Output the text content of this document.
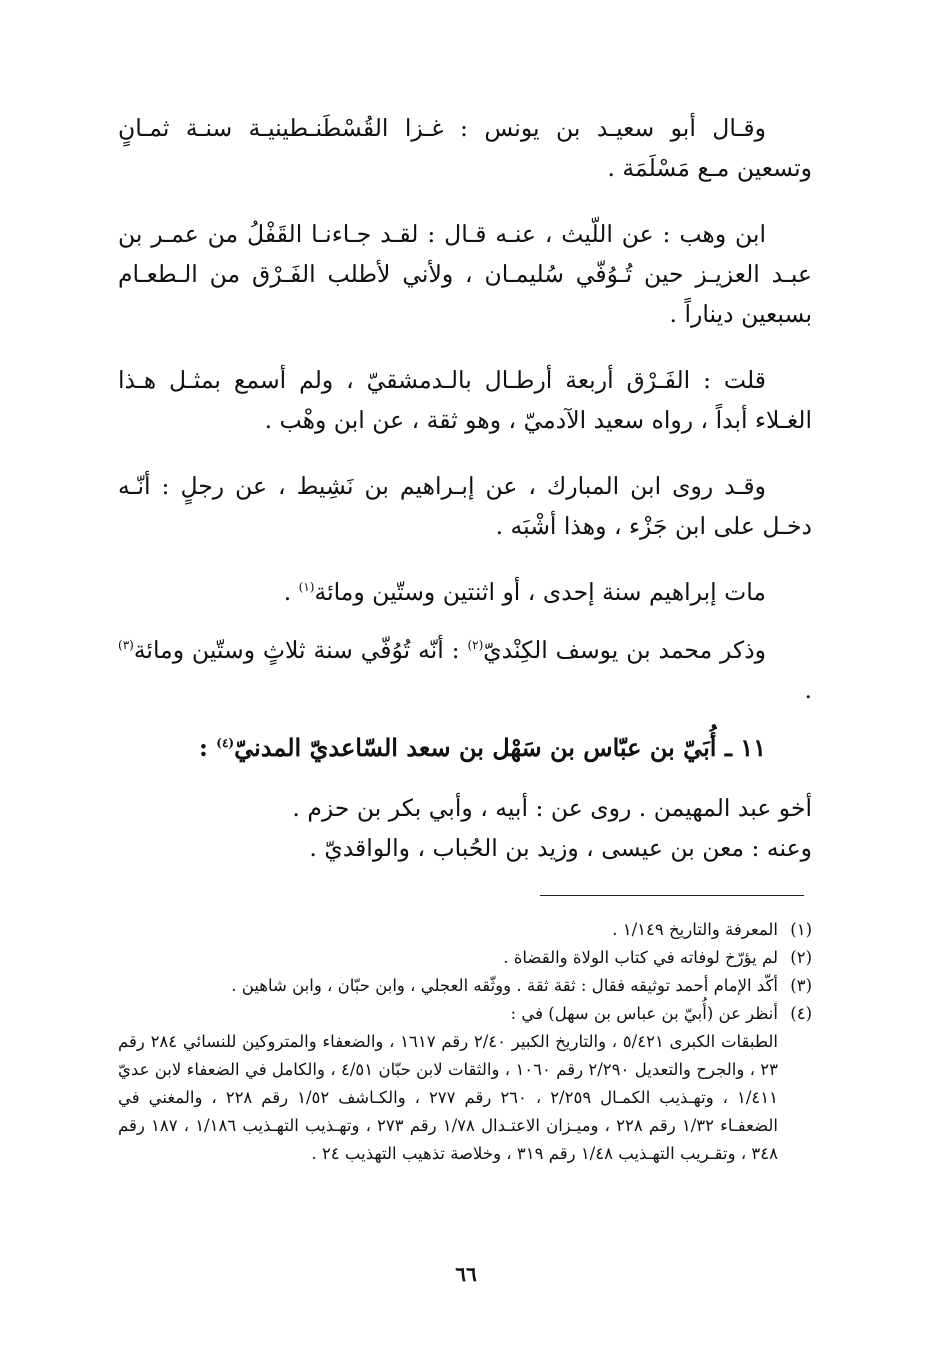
وقـال أبو سعيـد بن يونس : غـزا القُسْطَنـطينيـة سنـة ثمـانٍ وتسعين مـع مَسْلَمَة .

ابن وهب : عن اللّيث ، عنـه قـال : لقـد جـاءنـا القَفْلُ من عمـر بن عبـد العزيـز حين تُـوُفّي سُليمـان ، ولأني لأطلب الفَـرْق من الـطعـام بسبعين ديناراً .

قلت : الفَـرْق أربعة أرطـال بالـدمشقيّ ، ولم أسمع بمثـل هـذا الغـلاء أبداً ، رواه سعيد الآدميّ ، وهو ثقة ، عن ابن وهْب .

وقـد روى ابن المبارك ، عن إبـراهيم بن نَشِيط ، عن رجلٍ : أنّـه دخـل على ابن جَزْء ، وهذا أشْبَه .

مات إبراهيم سنة إحدى ، أو اثنتين وستّين ومائة$^{(١)}$ .

وذكر محمد بن يوسف الكِنْديّ$^{(٢)}$ : أنّه تُوُفّي سنة ثلاثٍ وستّين ومائة$^{(٣)}$ .

١١ ـ أُبَيّ بن عبّاس بن سَهْل بن سعد السّاعديّ المدنيّ$^{(٤)}$ :

أخو عبد المهيمن . روى عن : أبيه ، وأبي بكر بن حزم .

وعنه : معن بن عيسى ، وزيد بن الحُباب ، والواقديّ .

(١)المعرفة والتاريخ ١/١٤٩ .

(٢)لم يؤرّخ لوفاته في كتاب الولاة والقضاة .

(٣)أكّد الإمام أحمد توثيقه فقال : ثقة ثقة . ووثّقه العجلي ، وابن حبّان ، وابن شاهين .

(٤)أنظر عن (أُبيّ بن عباس بن سهل) في :

الطبقات الكبرى ٥/٤٢١ ، والتاريخ الكبير ٢/٤٠ رقم ١٦١٧ ، والضعفاء والمتروكين للنسائي ٢٨٤ رقم ٢٣ ، والجرح والتعديل ٢/٢٩٠ رقم ١٠٦٠ ، والثقات لابن حبّان ٤/٥١ ، والكامل في الضعفاء لابن عديّ ١/٤١١ ، وتهـذيب الكمـال ٢/٢٥٩ ، ٢٦٠ رقم ٢٧٧ ، والكـاشف ١/٥٢ رقم ٢٢٨ ، والمغني في الضعفـاء ١/٣٢ رقم ٢٢٨ ، وميـزان الاعتـدال ١/٧٨ رقم ٢٧٣ ، وتهـذيب التهـذيب ١/١٨٦ ، ١٨٧ رقم ٣٤٨ ، وتقـريب التهـذيب ١/٤٨ رقم ٣١٩ ، وخلاصة تذهيب التهذيب ٢٤ .

٦٦
